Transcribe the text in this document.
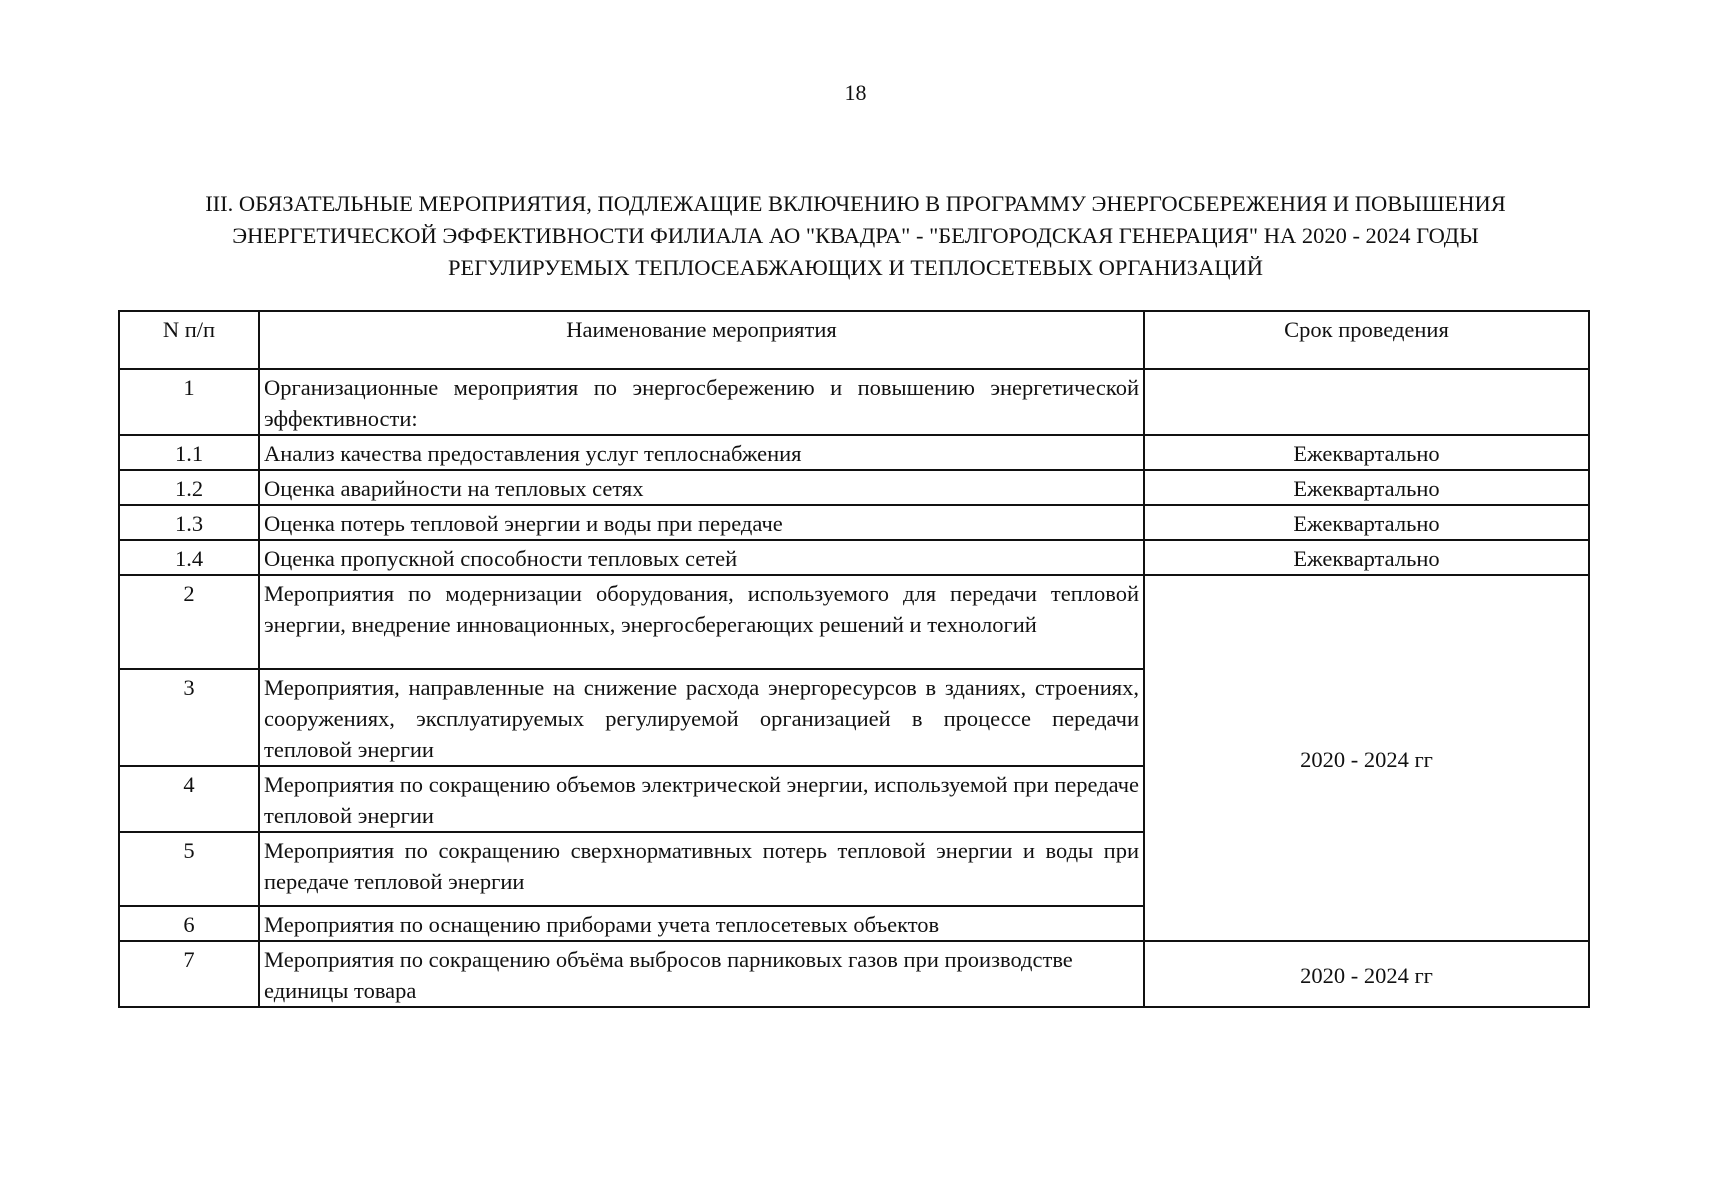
18
III. ОБЯЗАТЕЛЬНЫЕ МЕРОПРИЯТИЯ, ПОДЛЕЖАЩИЕ ВКЛЮЧЕНИЮ В ПРОГРАММУ ЭНЕРГОСБЕРЕЖЕНИЯ И ПОВЫШЕНИЯ
ЭНЕРГЕТИЧЕСКОЙ ЭФФЕКТИВНОСТИ ФИЛИАЛА АО "КВАДРА" - "БЕЛГОРОДСКАЯ ГЕНЕРАЦИЯ" НА 2020 - 2024 ГОДЫ
РЕГУЛИРУЕМЫХ ТЕПЛОСЕАБЖАЮЩИХ И ТЕПЛОСЕТЕВЫХ ОРГАНИЗАЦИЙ
N п/п	Наименование мероприятия	Срок проведения
1	Организационные мероприятия по энергосбережению и повышению энергетической эффективности:	
1.1	Анализ качества предоставления услуг теплоснабжения	Ежеквартально
1.2	Оценка аварийности на тепловых сетях	Ежеквартально
1.3	Оценка потерь тепловой энергии и воды при передаче	Ежеквартально
1.4	Оценка пропускной способности тепловых сетей	Ежеквартально
2	Мероприятия по модернизации оборудования, используемого для передачи тепловой энергии, внедрение инновационных, энергосберегающих решений и технологий	2020 - 2024 гг
3	Мероприятия, направленные на снижение расхода энергоресурсов в зданиях, строениях, сооружениях, эксплуатируемых регулируемой организацией в процессе передачи тепловой энергии	
4	Мероприятия по сокращению объемов электрической энергии, используемой при передаче тепловой энергии	
5	Мероприятия по сокращению сверхнормативных потерь тепловой энергии и воды при передаче тепловой энергии	
6	Мероприятия по оснащению приборами учета теплосетевых объектов	
7	Мероприятия по сокращению объёма выбросов парниковых газов при производстве единицы товара	2020 - 2024 гг
